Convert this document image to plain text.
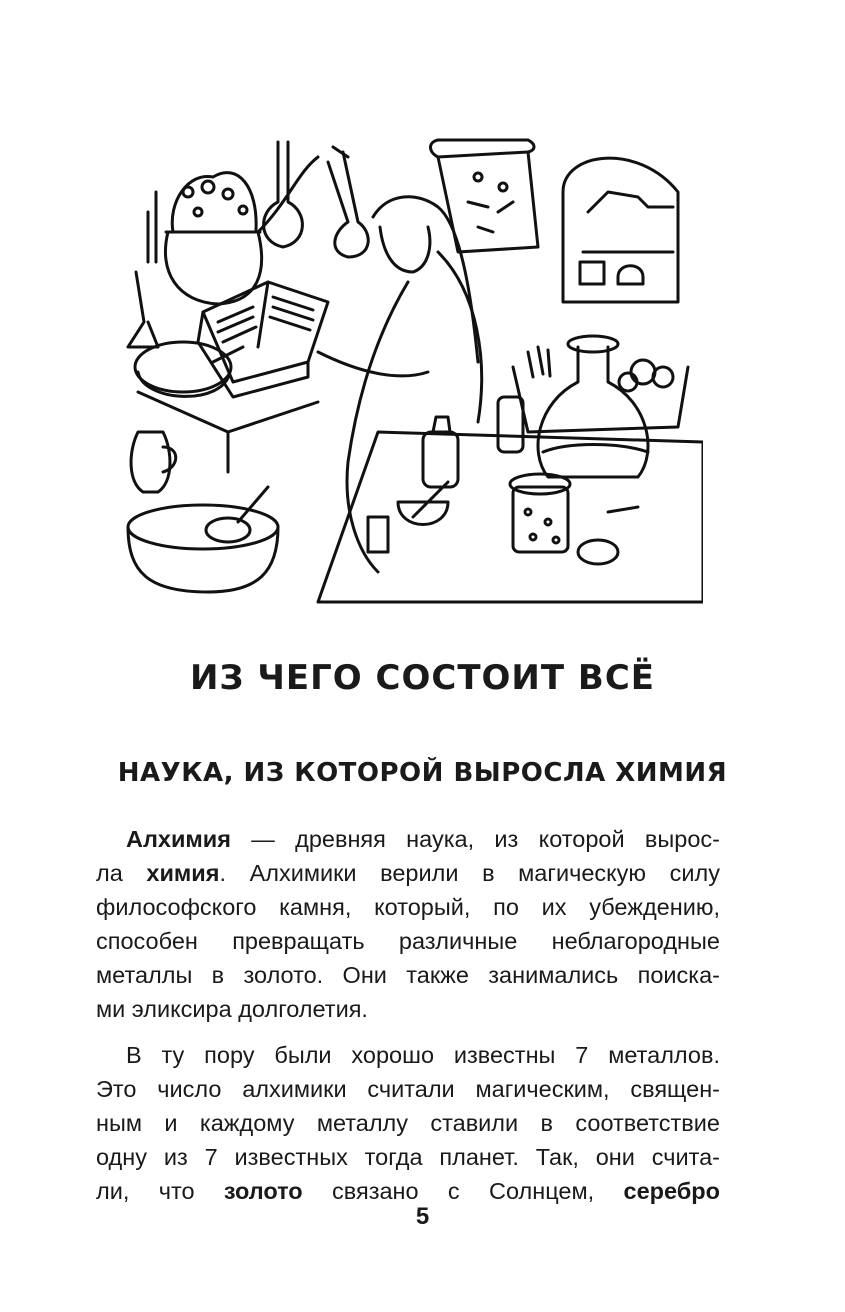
ИЗ ЧЕГО СОСТОИТ ВСЁ
НАУКА, ИЗ КОТОРОЙ ВЫРОСЛА ХИМИЯ
Алхимия — древняя наука, из которой вырос-
ла химия. Алхимики верили в магическую силу
философского камня, который, по их убеждению,
способен превращать различные неблагородные
металлы в золото. Они также занимались поиска-
ми эликсира долголетия.
В ту пору были хорошо известны 7 металлов.
Это число алхимики считали магическим, священ-
ным и каждому металлу ставили в соответствие
одну из 7 известных тогда планет. Так, они счита-
ли, что золото связано с Солнцем, серебро
5
